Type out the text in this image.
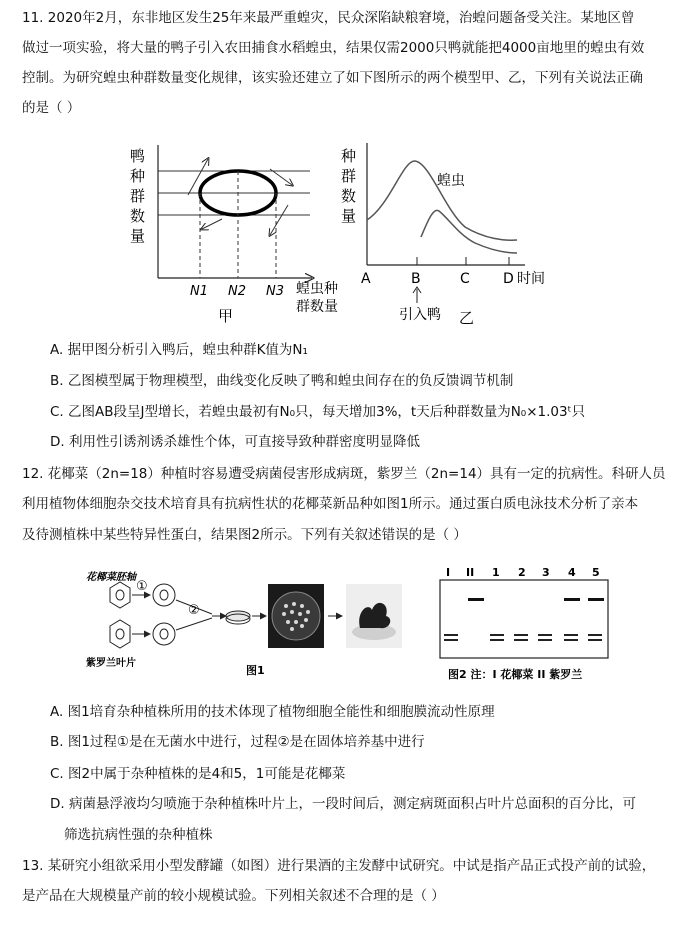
11. 2020年2月，东非地区发生25年来最严重蝗灾，民众深陷缺粮窘境，治蝗问题备受关注。某地区曾
做过一项实验，将大量的鸭子引入农田捕食水稻蝗虫，结果仅需2000只鸭就能把4000亩地里的蝗虫有效
控制。为研究蝗虫种群数量变化规律，该实验还建立了如下图所示的两个模型甲、乙，下列有关说法正确
的是（ ）
鸭
种
群
数
量
N1 N2 N3 蝗虫种
群数量
甲
种
群
数
量
蝗虫
A	B	C D 时间
引入鸭 乙
A. 据甲图分析引入鸭后，蝗虫种群K值为N₁
B. 乙图模型属于物理模型，曲线变化反映了鸭和蝗虫间存在的负反馈调节机制
C. 乙图AB段呈J型增长，若蝗虫最初有N₀只，每天增加3%，t天后种群数量为N₀×1.03ᵗ只
D. 利用性引诱剂诱杀雄性个体，可直接导致种群密度明显降低
12. 花椰菜（2n=18）种植时容易遭受病菌侵害形成病斑，紫罗兰（2n=14）具有一定的抗病性。科研人员
利用植物体细胞杂交技术培育具有抗病性状的花椰菜新品种如图1所示。通过蛋白质电泳技术分析了亲本
及待测植株中某些特异性蛋白，结果图2所示。下列有关叙述错误的是（ ）
花椰菜胚轴
紫罗兰叶片
①
②
图1
I II 1 2 3 4 5
图2 注：I 花椰菜 II 紫罗兰
A. 图1培育杂种植株所用的技术体现了植物细胞全能性和细胞膜流动性原理
B. 图1过程①是在无菌水中进行，过程②是在固体培养基中进行
C. 图2中属于杂种植株的是4和5，1可能是花椰菜
D. 病菌悬浮液均匀喷施于杂种植株叶片上，一段时间后，测定病斑面积占叶片总面积的百分比，可
筛选抗病性强的杂种植株
13. 某研究小组欲采用小型发酵罐（如图）进行果酒的主发酵中试研究。中试是指产品正式投产前的试验，
是产品在大规模量产前的较小规模试验。下列相关叙述不合理的是（ ）
